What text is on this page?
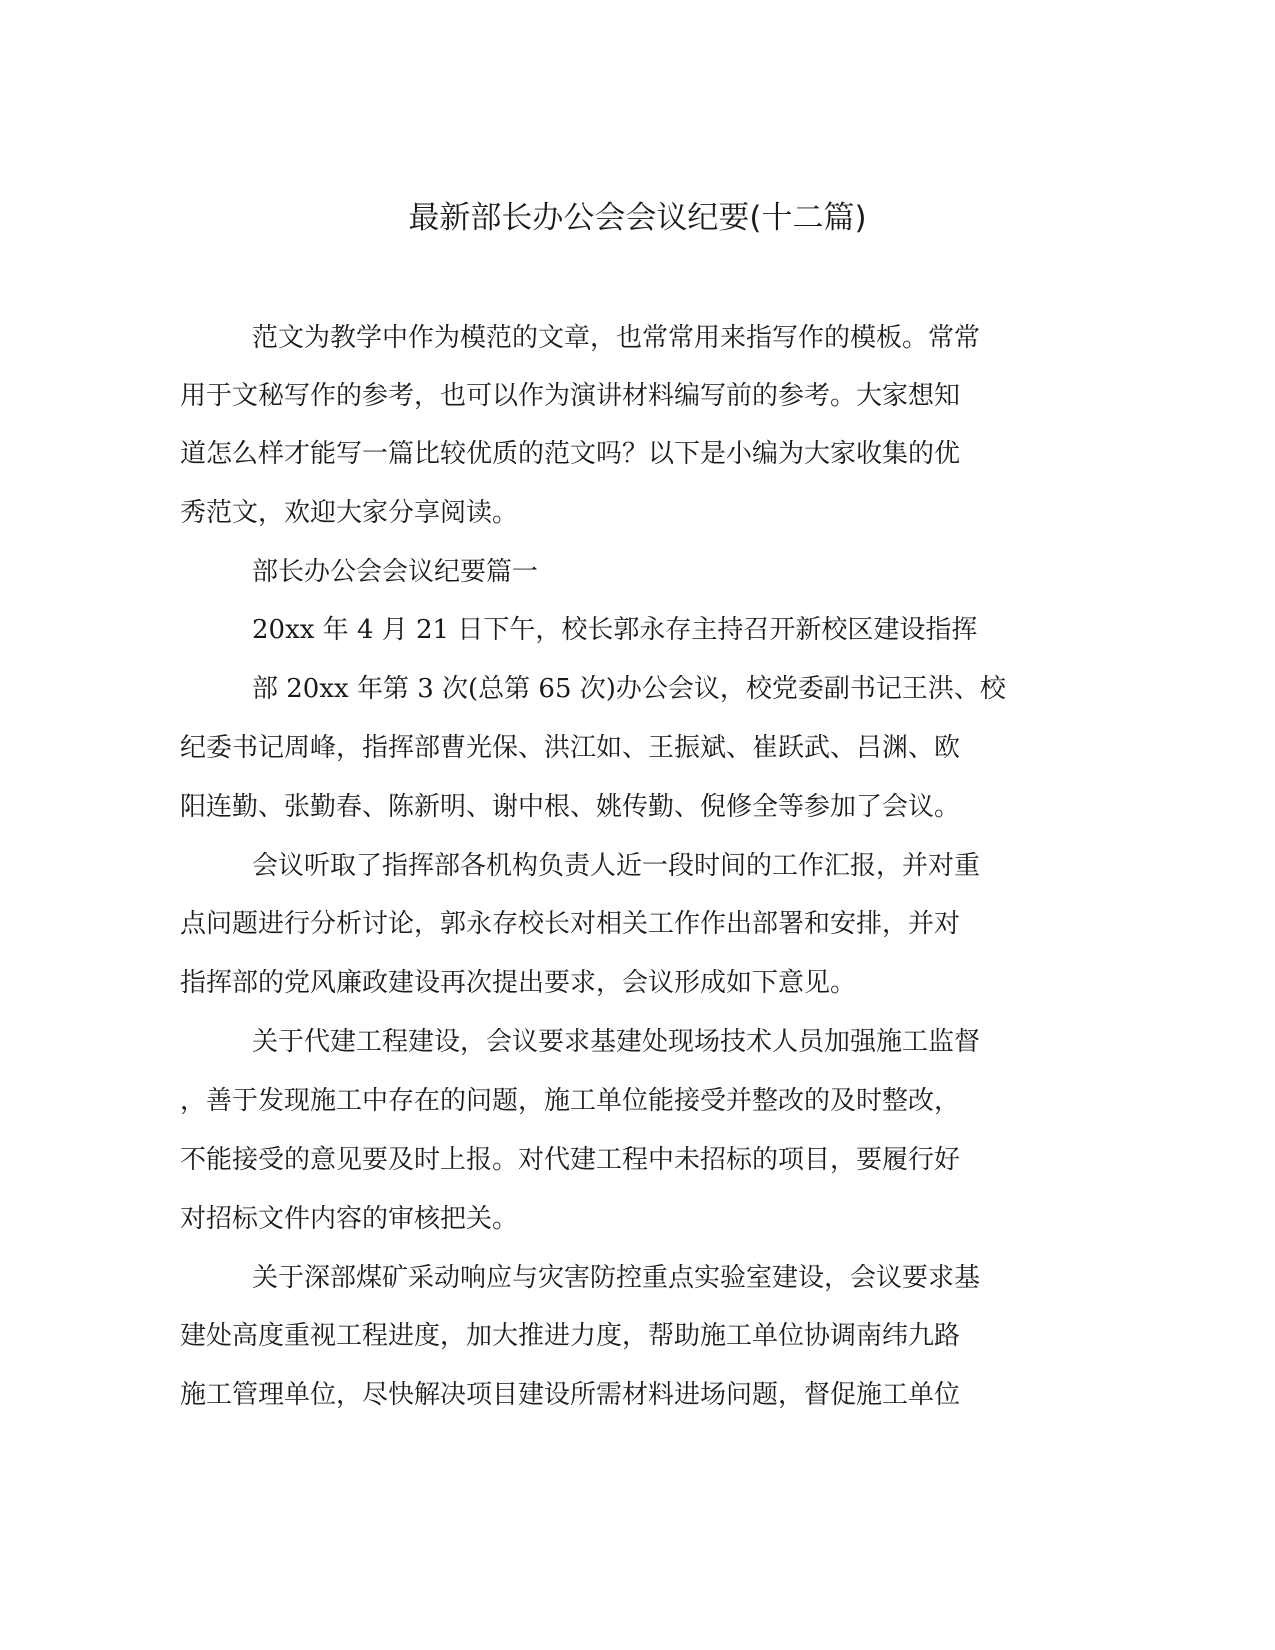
最新部长办公会会议纪要(十二篇)
范文为教学中作为模范的文章，也常常用来指写作的模板。常常
用于文秘写作的参考，也可以作为演讲材料编写前的参考。大家想知
道怎么样才能写一篇比较优质的范文吗？以下是小编为大家收集的优
秀范文，欢迎大家分享阅读。
部长办公会会议纪要篇一
20xx 年 4 月 21 日下午，校长郭永存主持召开新校区建设指挥
部 20xx 年第 3 次(总第 65 次)办公会议，校党委副书记王洪、校
纪委书记周峰，指挥部曹光保、洪江如、王振斌、崔跃武、吕渊、欧
阳连勤、张勤春、陈新明、谢中根、姚传勤、倪修全等参加了会议。
会议听取了指挥部各机构负责人近一段时间的工作汇报，并对重
点问题进行分析讨论，郭永存校长对相关工作作出部署和安排，并对
指挥部的党风廉政建设再次提出要求，会议形成如下意见。
关于代建工程建设，会议要求基建处现场技术人员加强施工监督
，善于发现施工中存在的问题，施工单位能接受并整改的及时整改，
不能接受的意见要及时上报。对代建工程中未招标的项目，要履行好
对招标文件内容的审核把关。
关于深部煤矿采动响应与灾害防控重点实验室建设，会议要求基
建处高度重视工程进度，加大推进力度，帮助施工单位协调南纬九路
施工管理单位，尽快解决项目建设所需材料进场问题，督促施工单位
